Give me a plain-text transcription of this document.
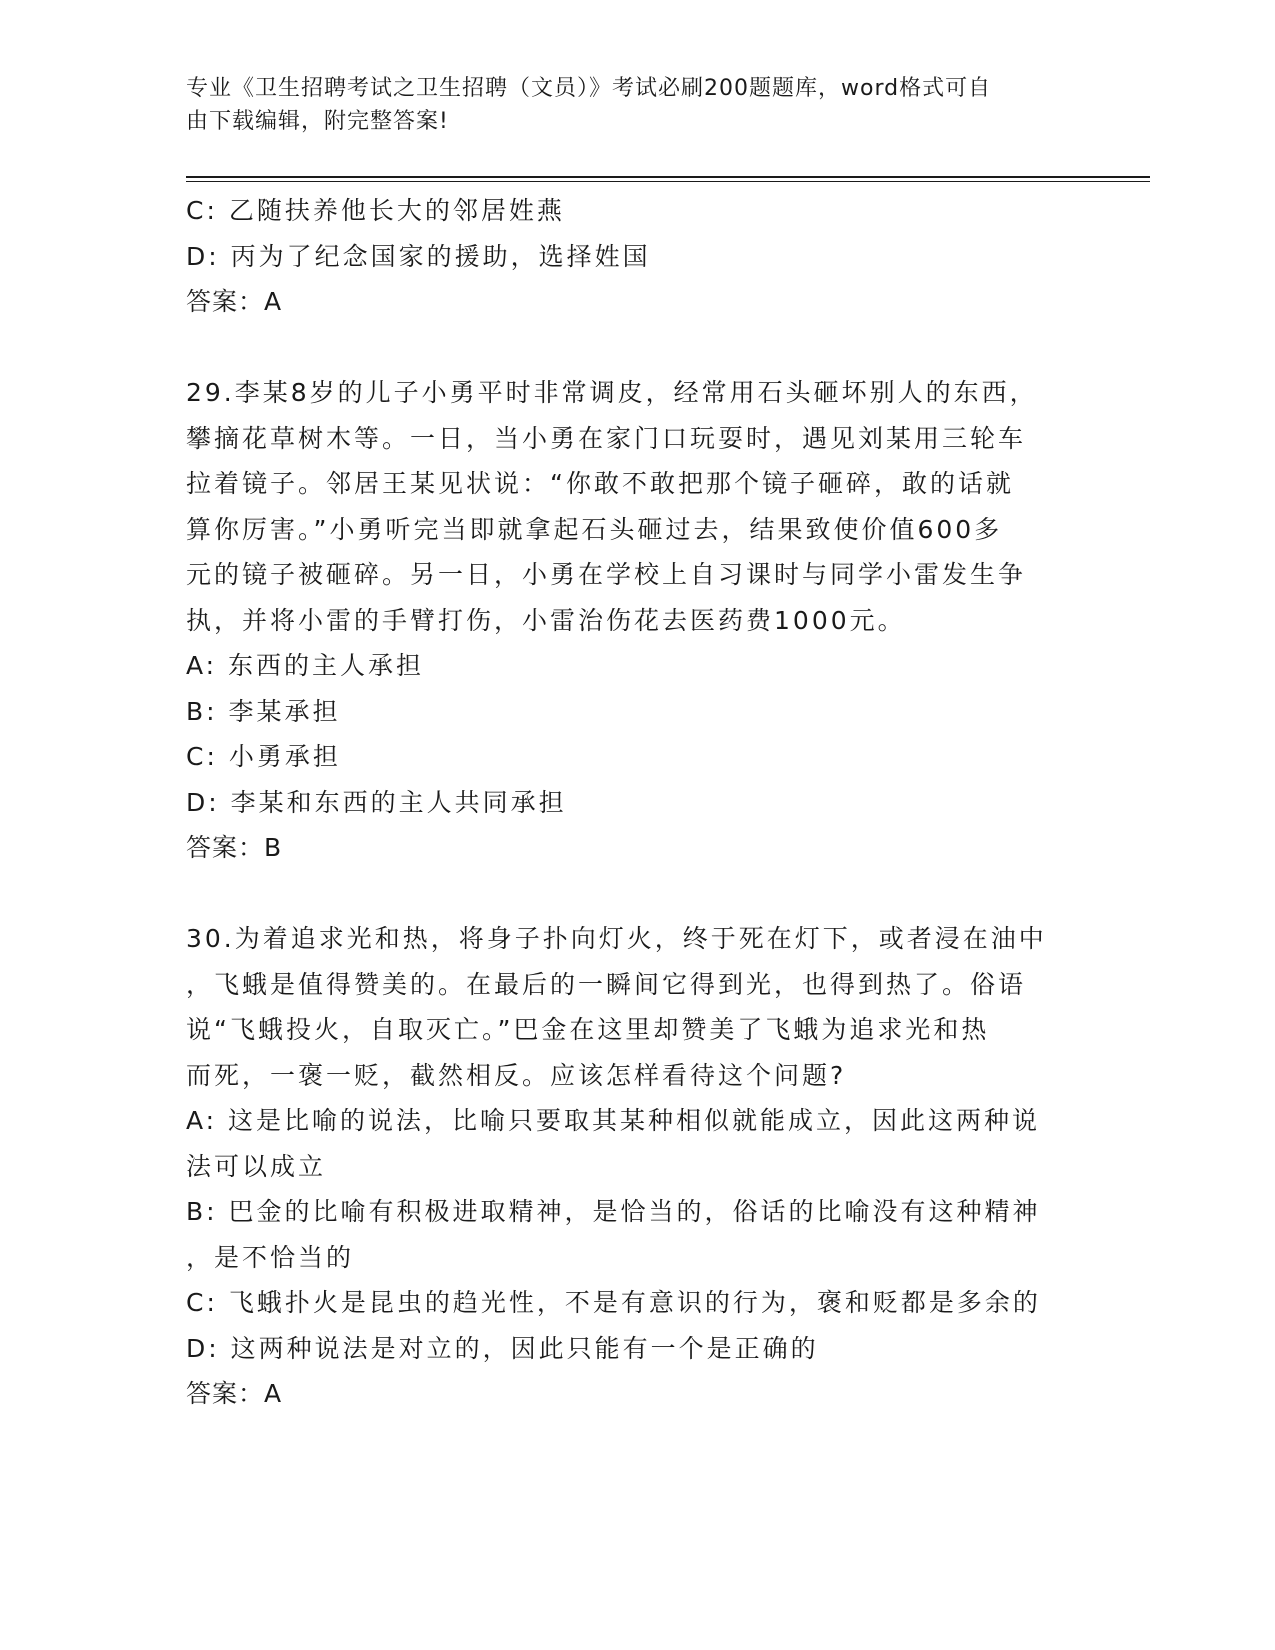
专业《卫生招聘考试之卫生招聘（文员）》考试必刷200题题库，word格式可自
由下载编辑，附完整答案!
C: 乙随扶养他长大的邻居姓燕
D: 丙为了纪念国家的援助，选择姓国
答案：A
29.李某8岁的儿子小勇平时非常调皮，经常用石头砸坏别人的东西，
攀摘花草树木等。一日，当小勇在家门口玩耍时，遇见刘某用三轮车
拉着镜子。邻居王某见状说：“你敢不敢把那个镜子砸碎，敢的话就
算你厉害。”小勇听完当即就拿起石头砸过去，结果致使价值600多
元的镜子被砸碎。另一日，小勇在学校上自习课时与同学小雷发生争
执，并将小雷的手臂打伤，小雷治伤花去医药费1000元。
A: 东西的主人承担
B: 李某承担
C: 小勇承担
D: 李某和东西的主人共同承担
答案：B
30.为着追求光和热，将身子扑向灯火，终于死在灯下，或者浸在油中
，飞蛾是值得赞美的。在最后的一瞬间它得到光，也得到热了。俗语
说“飞蛾投火，自取灭亡。”巴金在这里却赞美了飞蛾为追求光和热
而死，一褒一贬，截然相反。应该怎样看待这个问题?
A: 这是比喻的说法，比喻只要取其某种相似就能成立，因此这两种说
法可以成立
B: 巴金的比喻有积极进取精神，是恰当的，俗话的比喻没有这种精神
，是不恰当的
C: 飞蛾扑火是昆虫的趋光性，不是有意识的行为，褒和贬都是多余的
D: 这两种说法是对立的，因此只能有一个是正确的
答案：A
